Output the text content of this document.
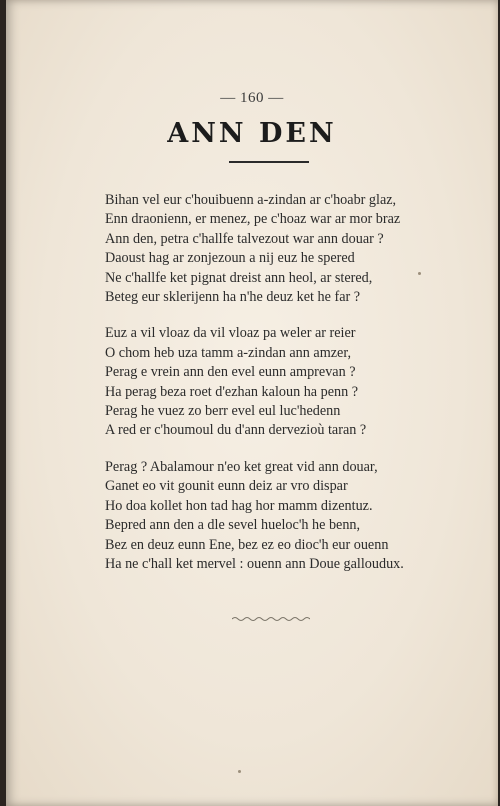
— 160 —
ANN DEN
Bihan vel eur c'houibuenn a-zindan ar c'hoabr glaz,
Enn draonienn, er menez, pe c'hoaz war ar mor braz
Ann den, petra c'hallfe talvezout war ann douar ?
Daoust hag ar zonjezoun a nij euz he spered
Ne c'hallfe ket pignat dreist ann heol, ar stered,
Beteg eur sklerijenn ha n'he deuz ket he far ?
Euz a vil vloaz da vil vloaz pa weler ar reier
O chom heb uza tamm a-zindan ann amzer,
Perag e vrein ann den evel eunn amprevan ?
Ha perag beza roet d'ezhan kaloun ha penn ?
Perag he vuez zo berr evel eul luc'hedenn
A red er c'houmoul du d'ann dervezioù taran ?
Perag ? Abalamour n'eo ket great vid ann douar,
Ganet eo vit gounit eunn deiz ar vro dispar
Ho doa kollet hon tad hag hor mamm dizentuz.
Bepred ann den a dle sevel hueloc'h he benn,
Bez en deuz eunn Ene, bez ez eo dioc'h eur ouenn
Ha ne c'hall ket mervel : ouenn ann Doue galloudux.
